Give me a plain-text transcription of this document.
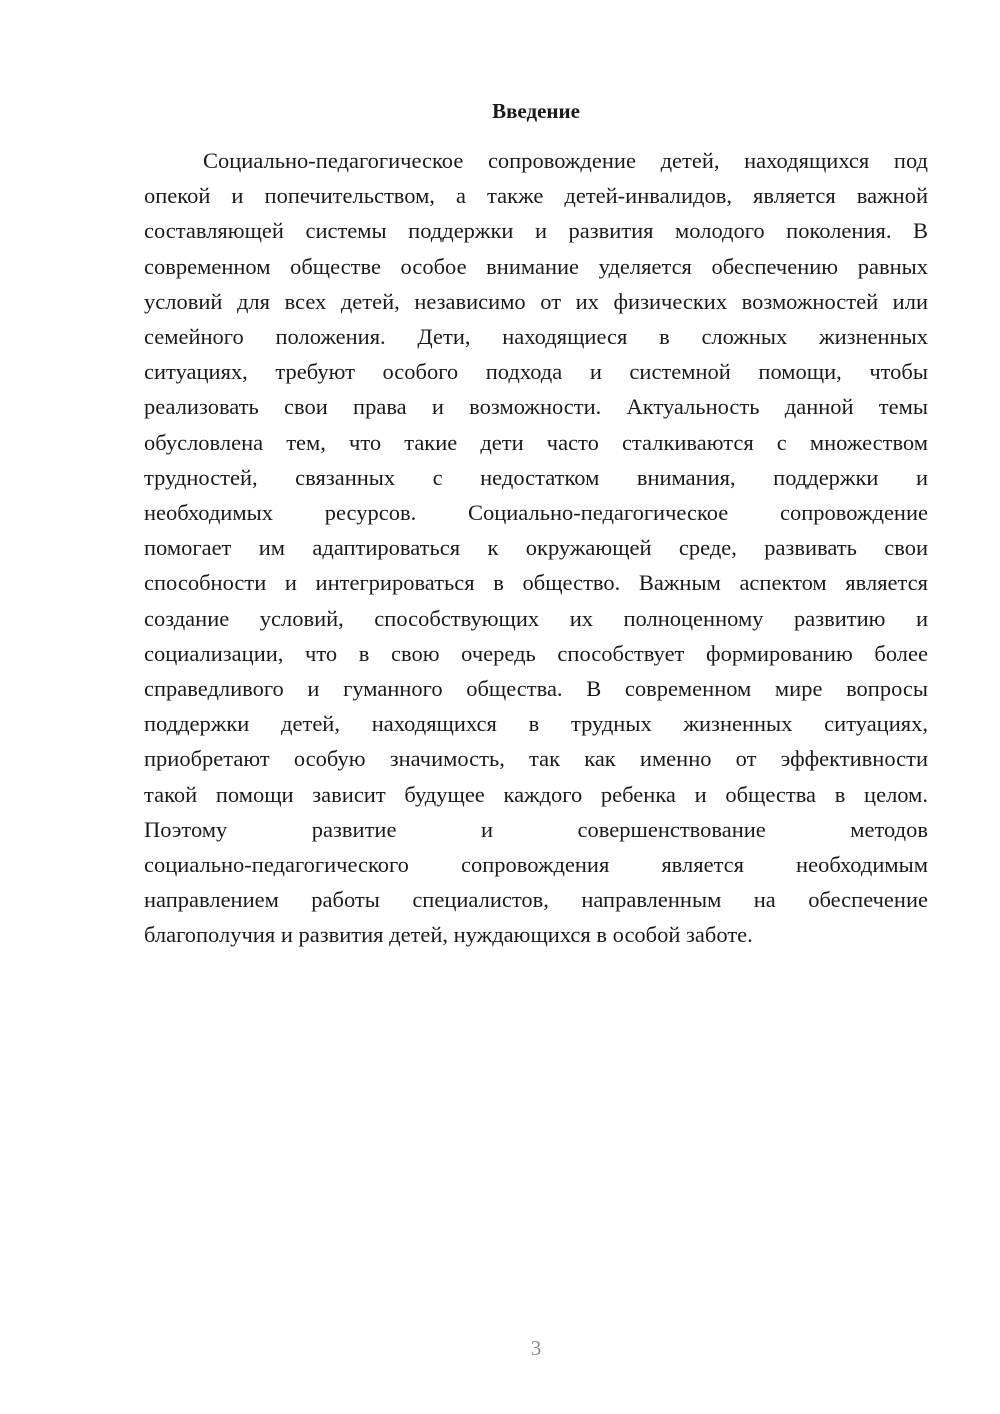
Введение
Социально-педагогическое сопровождение детей, находящихся под
опекой и попечительством, а также детей-инвалидов, является важной
составляющей системы поддержки и развития молодого поколения. В
современном обществе особое внимание уделяется обеспечению равных
условий для всех детей, независимо от их физических возможностей или
семейного положения. Дети, находящиеся в сложных жизненных
ситуациях, требуют особого подхода и системной помощи, чтобы
реализовать свои права и возможности. Актуальность данной темы
обусловлена тем, что такие дети часто сталкиваются с множеством
трудностей, связанных с недостатком внимания, поддержки и
необходимых ресурсов. Социально-педагогическое сопровождение
помогает им адаптироваться к окружающей среде, развивать свои
способности и интегрироваться в общество. Важным аспектом является
создание условий, способствующих их полноценному развитию и
социализации, что в свою очередь способствует формированию более
справедливого и гуманного общества. В современном мире вопросы
поддержки детей, находящихся в трудных жизненных ситуациях,
приобретают особую значимость, так как именно от эффективности
такой помощи зависит будущее каждого ребенка и общества в целом.
Поэтому развитие и совершенствование методов
социально-педагогического сопровождения является необходимым
направлением работы специалистов, направленным на обеспечение
благополучия и развития детей, нуждающихся в особой заботе.

3
